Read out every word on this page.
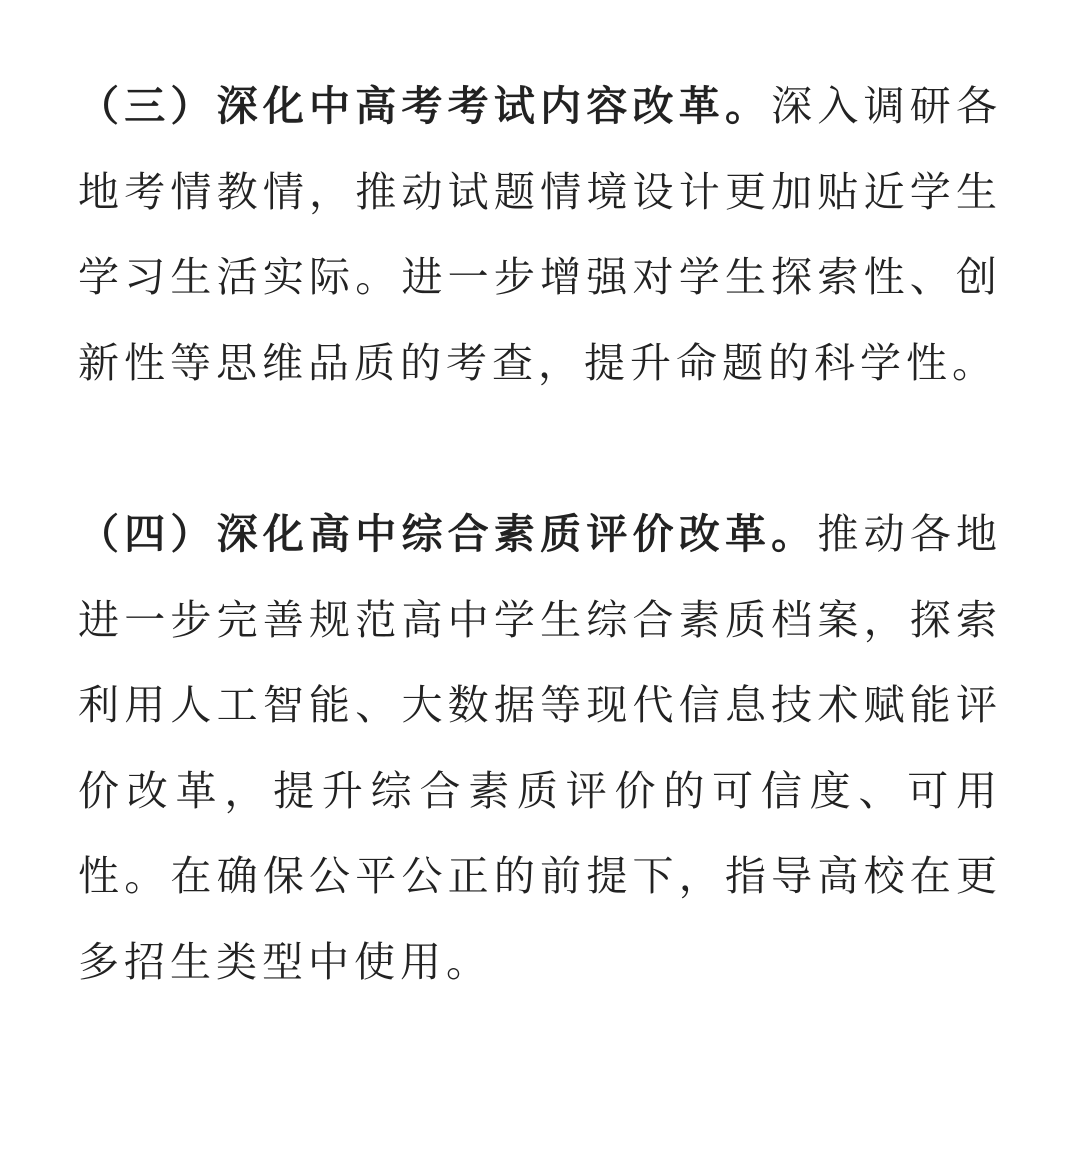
（三）深化中高考考试内容改革。深入调研各地考情教情，推动试题情境设计更加贴近学生学习生活实际。进一步增强对学生探索性、创新性等思维品质的考查，提升命题的科学性。

（四）深化高中综合素质评价改革。推动各地进一步完善规范高中学生综合素质档案，探索利用人工智能、大数据等现代信息技术赋能评价改革，提升综合素质评价的可信度、可用性。在确保公平公正的前提下，指导高校在更多招生类型中使用。
